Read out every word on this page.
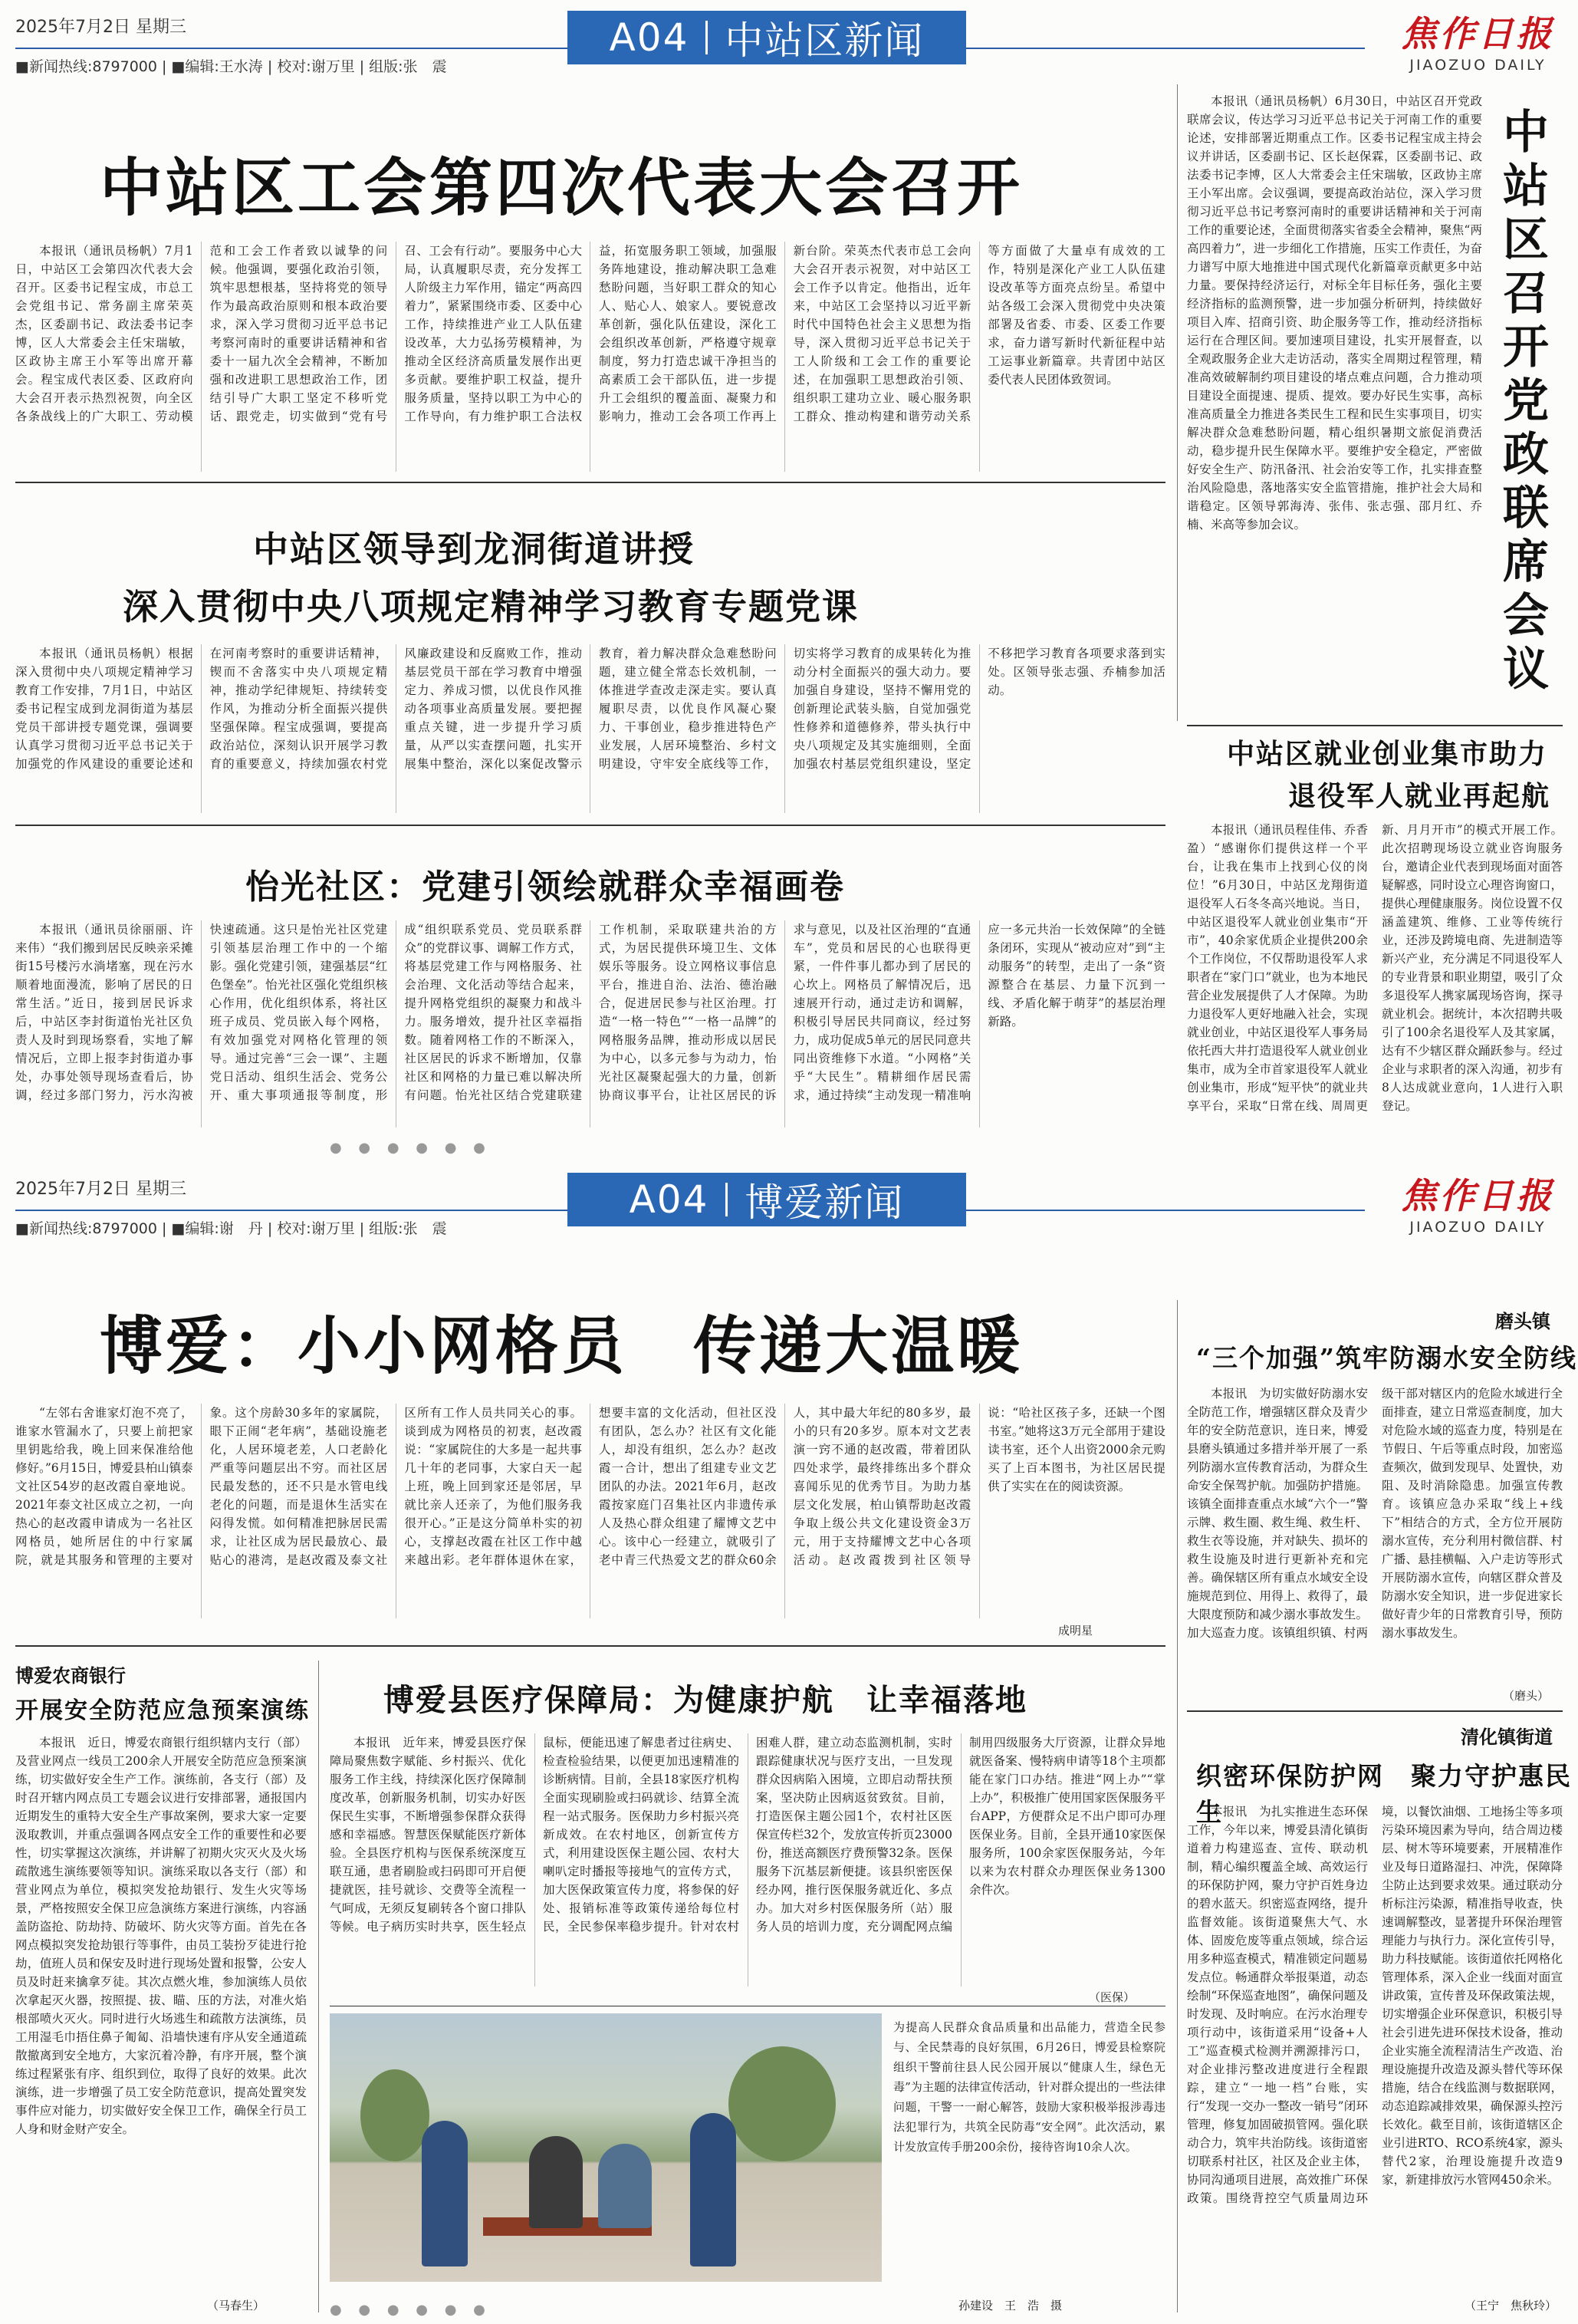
2025年7月2日 星期三
■新闻热线:8797000 | ■编辑:王水涛 | 校对:谢万里 | 组版:张　震
A04 中站区新闻	焦作日报
JIAOZUO DAILY
中站区工会第四次代表大会召开

本报讯（通讯员杨帆）7月1日，中站区工会第四次代表大会召开。区委书记程宝成，市总工会党组书记、常务副主席荣英杰，区委副书记、政法委书记李博，区人大常委会主任宋瑞敏，区政协主席王小军等出席开幕会。程宝成代表区委、区政府向大会召开表示热烈祝贺，向全区各条战线上的广大职工、劳动模范和工会工作者致以诚挚的问候。他强调，要强化政治引领，筑牢思想根基，坚持将党的领导作为最高政治原则和根本政治要求，深入学习贯彻习近平总书记考察河南时的重要讲话精神和省委十一届九次全会精神，不断加强和改进职工思想政治工作，团结引导广大职工坚定不移听党话、跟党走，切实做到“党有号召、工会有行动”。要服务中心大局，认真履职尽责，充分发挥工人阶级主力军作用，锚定“两高四着力”，紧紧围绕市委、区委中心工作，持续推进产业工人队伍建设改革，大力弘扬劳模精神，为推动全区经济高质量发展作出更多贡献。要维护职工权益，提升服务质量，坚持以职工为中心的工作导向，有力维护职工合法权益，拓宽服务职工领域，加强服务阵地建设，推动解决职工急难愁盼问题，当好职工群众的知心人、贴心人、娘家人。要锐意改革创新，强化队伍建设，深化工会组织改革创新，严格遵守规章制度，努力打造忠诚干净担当的高素质工会干部队伍，进一步提升工会组织的覆盖面、凝聚力和影响力，推动工会各项工作再上新台阶。荣英杰代表市总工会向大会召开表示祝贺，对中站区工会工作予以肯定。他指出，近年来，中站区工会坚持以习近平新时代中国特色社会主义思想为指导，深入贯彻习近平总书记关于工人阶级和工会工作的重要论述，在加强职工思想政治引领、组织职工建功立业、暖心服务职工群众、推动构建和谐劳动关系等方面做了大量卓有成效的工作，特别是深化产业工人队伍建设改革等方面亮点纷呈。希望中站各级工会深入贯彻党中央决策部署及省委、市委、区委工作要求，奋力谱写新时代新征程中站工运事业新篇章。共青团中站区委代表人民团体致贺词。

本报讯（通讯员杨帆）6月30日，中站区召开党政联席会议，传达学习习近平总书记关于河南工作的重要论述，安排部署近期重点工作。区委书记程宝成主持会议并讲话，区委副书记、区长赵保霖，区委副书记、政法委书记李博，区人大常委会主任宋瑞敏，区政协主席王小军出席。会议强调，要提高政治站位，深入学习贯彻习近平总书记考察河南时的重要讲话精神和关于河南工作的重要论述，全面贯彻落实省委全会精神，聚焦“两高四着力”，进一步细化工作措施，压实工作责任，为奋力谱写中原大地推进中国式现代化新篇章贡献更多中站力量。要保持经济运行，对标全年目标任务，强化主要经济指标的监测预警，进一步加强分析研判，持续做好项目入库、招商引资、助企服务等工作，推动经济指标运行在合理区间。要加速项目建设，扎实开展督查，以全观政服务企业大走访活动，落实全周期过程管理，精准高效破解制约项目建设的堵点难点问题，合力推动项目建设全面提速、提质、提效。要办好民生实事，高标准高质量全力推进各类民生工程和民生实事项目，切实解决群众急难愁盼问题，精心组织暑期文旅促消费活动，稳步提升民生保障水平。要维护安全稳定，严密做好安全生产、防汛备汛、社会治安等工作，扎实排查整治风险隐患，落地落实安全监管措施，推护社会大局和谐稳定。区领导郭海涛、张伟、张志强、邵月红、乔楠、米高等参加会议。	中站区召开党政联席会议
中站区领导到龙洞街道讲授
深入贯彻中央八项规定精神学习教育专题党课

本报讯（通讯员杨帆）根据深入贯彻中央八项规定精神学习教育工作安排，7月1日，中站区委书记程宝成到龙洞街道为基层党员干部讲授专题党课，强调要认真学习贯彻习近平总书记关于加强党的作风建设的重要论述和在河南考察时的重要讲话精神，锲而不舍落实中央八项规定精神，推动学纪律规矩、持续转变作风，为推动分析全面振兴提供坚强保障。程宝成强调，要提高政治站位，深刻认识开展学习教育的重要意义，持续加强农村党风廉政建设和反腐败工作，推动基层党员干部在学习教育中增强定力、养成习惯，以优良作风推动各项事业高质量发展。要把握重点关键，进一步提升学习质量，从严以实查摆问题，扎实开展集中整治，深化以案促改警示教育，着力解决群众急难愁盼问题，建立健全常态长效机制，一体推进学查改走深走实。要认真履职尽责，以优良作风凝心聚力、干事创业，稳步推进特色产业发展，人居环境整治、乡村文明建设，守牢安全底线等工作，切实将学习教育的成果转化为推动分村全面振兴的强大动力。要加强自身建设，坚持不懈用党的创新理论武装头脑，自觉加强党性修养和道德修养，带头执行中央八项规定及其实施细则，全面加强农村基层党组织建设，坚定不移把学习教育各项要求落到实处。区领导张志强、乔楠参加活动。

中站区就业创业集市助力
退役军人就业再起航

本报讯（通讯员程佳伟、乔香盈）“感谢你们提供这样一个平台，让我在集市上找到心仪的岗位！”6月30日，中站区龙翔街道退役军人石冬冬高兴地说。当日，中站区退役军人就业创业集市“开市”，40余家优质企业提供200余个工作岗位，不仅帮助退役军人求职者在“家门口”就业，也为本地民营企业发展提供了人才保障。为助力退役军人更好地融入社会，实现就业创业，中站区退役军人事务局依托西大井打造退役军人就业创业集市，成为全市首家退役军人就业创业集市，形成“短平快”的就业共享平台，采取“日常在线、周周更新、月月开市”的模式开展工作。此次招聘现场设立就业咨询服务台，邀请企业代表到现场面对面答疑解惑，同时设立心理咨询窗口，提供心理健康服务。岗位设置不仅涵盖建筑、维修、工业等传统行业，还涉及跨境电商、先进制造等新兴产业，充分满足不同退役军人的专业背景和职业期望，吸引了众多退役军人携家属现场咨询，探寻就业机会。据统计，本次招聘共吸引了100余名退役军人及其家属，达有不少辖区群众踊跃参与。经过企业与求职者的深入沟通，初步有8人达成就业意向，1人进行入职登记。

怡光社区：党建引领绘就群众幸福画卷

本报讯（通讯员徐丽丽、许来伟）“我们搬到居民反映亲采摊街15号楼污水淌堵塞，现在污水顺着地面漫流，影响了居民的日常生活。”近日，接到居民诉求后，中站区李封街道怡光社区负责人及时到现场察看，实地了解情况后，立即上报李封街道办事处，办事处领导现场查看后，协调，经过多部门努力，污水沟被快速疏通。这只是怡光社区党建引领基层治理工作中的一个缩影。强化党建引领，建强基层“红色堡垒”。怡光社区强化党组织核心作用，优化组织体系，将社区班子成员、党员嵌入每个网格，有效加强党对网格化管理的领导。通过完善“三会一课”、主题党日活动、组织生活会、党务公开、重大事项通报等制度，形成“组织联系党员、党员联系群众”的党群议事、调解工作方式，将基层党建工作与网格服务、社会治理、文化活动等结合起来，提升网格党组织的凝聚力和战斗力。服务增效，提升社区幸福指数。随着网格工作的不断深入，社区居民的诉求不断增加，仅靠社区和网格的力量已难以解决所有问题。怡光社区结合党建联建工作机制，采取联建共治的方式，为居民提供环境卫生、文体娱乐等服务。设立网格议事信息平台，推进自治、法治、德治融合，促进居民参与社区治理。打造“一格一特色”“一格一品牌”的网格服务品牌，推动形成以居民为中心，以多元参与为动力，怡光社区凝聚起强大的力量，创新协商议事平台，让社区居民的诉求与意见，以及社区治理的“直通车”，党员和居民的心也联得更紧，一件件事儿都办到了居民的心坎上。网格员了解情况后，迅速展开行动，通过走访和调解，积极引导居民共同商议，经过努力，成功促成5单元的居民同意共同出资维修下水道。“小网格”关乎“大民生”。精耕细作居民需求，通过持续“主动发现一精准响应一多元共治一长效保障”的全链条闭环，实现从“被动应对”到“主动服务”的转型，走出了一条“资源整合在基层、力量下沉到一线、矛盾化解于萌芽”的基层治理新路。

● ● ● ● ● ●
2025年7月2日 星期三
■新闻热线:8797000 | ■编辑:谢　丹 | 校对:谢万里 | 组版:张　震
A04 博爱新闻	焦作日报
JIAOZUO DAILY
博爱：小小网格员　传递大温暖

“左邻右舍谁家灯泡不亮了，谁家水管漏水了，只要上前把家里钥匙给我，晚上回来保准给他修好。”6月15日，博爱县柏山镇泰文社区54岁的赵改霞自豪地说。2021年泰文社区成立之初，一向热心的赵改霞申请成为一名社区网格员，她所居住的中行家属院，就是其服务和管理的主要对象。这个房龄30多年的家属院，眼下正闹“老年病”，基础设施老化，人居环境老差，人口老龄化严重等问题层出不穷。而社区居民最发愁的，还不只是水管电线老化的问题，而是退休生活实在闷得发慌。如何精准把脉居民需求，让社区成为居民最放心、最贴心的港湾，是赵改霞及泰文社区所有工作人员共同关心的事。谈到成为网格员的初衷，赵改霞说：“家属院住的大多是一起共事几十年的老同事，大家白天一起上班，晚上回到家还是邻居，早就比亲人还亲了，为他们服务我很开心。”正是这分简单朴实的初心，支撑赵改霞在社区工作中越来越出彩。老年群体退休在家，想要丰富的文化活动，但社区没有团队，怎么办？社区有文化能人，却没有组织，怎么办？赵改霞一合计，想出了组建专业文艺团队的办法。2021年6月，赵改霞按家庭门召集社区内非遗传承人及热心群众组建了耀博文艺中心。该中心一经建立，就吸引了老中青三代热爱文艺的群众60余人，其中最大年纪的80多岁，最小的只有20多岁。原本对文艺表演一窍不通的赵改霞，带着团队四处求学，最终排练出多个群众喜闻乐见的优秀节目。为助力基层文化发展，柏山镇帮助赵改霞争取上级公共文化建设资金3万元，用于支持耀博文艺中心各项活动。赵改霞拨到社区领导说：“哈社区孩子多，还缺一个图书室。”她将这3万元全部用于建设读书室，还个人出资2000余元购买了上百本图书，为社区居民提供了实实在在的阅读资源。

成明星
磨头镇
“三个加强”筑牢防溺水安全防线

本报讯　为切实做好防溺水安全防范工作，增强辖区群众及青少年的安全防范意识，连日来，博爱县磨头镇通过多措并举开展了一系列防溺水宣传教育活动，为群众生命安全保驾护航。加强防护措施。该镇全面排查重点水域“六个一”警示牌、救生圈、救生绳、救生杆、救生衣等设施，并对缺失、损坏的救生设施及时进行更新补充和完善。确保辖区所有重点水域安全设施规范到位、用得上、救得了，最大限度预防和减少溺水事故发生。加大巡查力度。该镇组织镇、村两级干部对辖区内的危险水域进行全面排查，建立日常巡查制度，加大对危险水域的巡查力度，特别是在节假日、午后等重点时段，加密巡查频次，做到发现早、处置快，劝阻、及时消除隐患。加强宣传教育。该镇应急办采取“线上+线下”相结合的方式，全方位开展防溺水宣传，充分利用村微信群、村广播、悬挂横幅、入户走访等形式开展防溺水宣传，向辖区群众普及防溺水安全知识，进一步促进家长做好青少年的日常教育引导，预防溺水事故发生。

（磨头）
清化镇街道
织密环保防护网　聚力守护惠民生

本报讯　为扎实推进生态环保工作，今年以来，博爱县清化镇街道着力构建巡查、宣传、联动机制，精心编织覆盖全域、高效运行的环保防护网，聚力守护百姓身边的碧水蓝天。织密巡查网络，提升监督效能。该街道聚焦大气、水体、固废危废等重点领域，综合运用多种巡查模式，精准锁定问题易发点位。畅通群众举报渠道，动态绘制“环保巡查地图”，确保问题及时发现、及时响应。在污水治理专项行动中，该街道采用“设备+人工”巡查模式检测并溯源排污口，对企业排污整改进度进行全程跟踪，建立“一地一档”台账，实行“发现一交办一整改一销号”闭环管理，修复加固破损管网。强化联动合力，筑牢共治防线。该街道密切联系村社区，社区及企业主体，协同沟通项目进展，高效推广环保政策。围绕背控空气质量周边环境，以餐饮油烟、工地扬尘等多项污染环境因素为导向，结合周边楼层、树木等环境要素，开展精准作业及每日道路湿扫、冲洗，保障降尘防止达到要求效果。通过联动分析标注污染源，精准指导收查，快速调解整改，显著提升环保治理管理能力与执行力。深化宣传引导，助力科技赋能。该街道依托网格化管理体系，深入企业一线面对面宣讲政策，宣传普及环保政策法规，切实增强企业环保意识，积极引导社会引进先进环保技术设备，推动企业实施全流程清洁生产改造、治理设施提升改造及源头替代等环保措施，结合在线监测与数据联网，动态追踪减排效果，确保源头控污长效化。截至目前，该街道辖区企业引进RTO、RCO系统4家，源头替代2家，治理设施提升改造9家，新建排放污水管网450余米。

（王宁　焦秋玲）
博爱农商银行
开展安全防范应急预案演练

本报讯　近日，博爱农商银行组织辖内支行（部）及营业网点一线员工200余人开展安全防范应急预案演练，切实做好安全生产工作。演练前，各支行（部）及时召开辖内网点员工专题会议进行安排部署，通报国内近期发生的重特大安全生产事故案例，要求大家一定要汲取教训，并重点强调各网点安全工作的重要性和必要性，切实掌握这次演练，并讲解了初期火灾灭火及火场疏散逃生演练要领等知识。演练采取以各支行（部）和营业网点为单位，模拟突发抢劫银行、发生火灾等场景，严格按照安全保卫应急演练方案进行演练，内容涵盖防盗抢、防劫持、防破坏、防火灾等方面。首先在各网点模拟突发抢劫银行等事件，由员工装扮歹徒进行抢劫，值班人员和保安及时进行现场处置和报警，公安人员及时赶来擒拿歹徒。其次点燃火堆，参加演练人员依次拿起灭火器，按照提、拔、瞄、压的方法，对准火焰根部喷火灭火。同时进行火场逃生和疏散方法演练，员工用湿毛巾捂住鼻子匍匐、沿墙快速有序从安全通道疏散撤离到安全地方，大家沉着冷静，有序开展，整个演练过程紧张有序、组织到位，取得了良好的效果。此次演练，进一步增强了员工安全防范意识，提高处置突发事件应对能力，切实做好安全保卫工作，确保全行员工人身和财金财产安全。

（马春生）
博爱县医疗保障局：为健康护航　让幸福落地

本报讯　近年来，博爱县医疗保障局聚焦数字赋能、乡村振兴、优化服务工作主线，持续深化医疗保障制度改革，创新服务机制，切实办好医保民生实事，不断增强参保群众获得感和幸福感。智慧医保赋能医疗新体验。全县医疗机构与医保系统深度互联互通，患者刷脸或扫码即可开启便捷就医，挂号就诊、交费等全流程一气呵成，无须反复刷转各个窗口排队等候。电子病历实时共享，医生轻点鼠标，便能迅速了解患者过往病史、检查检验结果，以便更加迅速精准的诊断病情。目前，全县18家医疗机构全面实现刷脸或扫码就诊、结算全流程一站式服务。医保助力乡村振兴亮新成效。在农村地区，创新宣传方式，利用建设医保主题公园、农村大喇叭定时播报等接地气的宣传方式，加大医保政策宣传力度，将参保的好处、报销标准等政策传递给每位村民，全民参保率稳步提升。针对农村困难人群，建立动态监测机制，实时跟踪健康状况与医疗支出，一旦发现群众因病陷入困境，立即启动帮扶预案，坚决防止因病返贫致贫。目前，打造医保主题公园1个，农村社区医保宣传栏32个，发放宣传折页23000份，推送高额医疗费预警32条。医保服务下沉基层新便捷。该县织密医保经办网，推行医保服务就近化、多点办。加大对乡村医保服务所（站）服务人员的培训力度，充分调配网点编制用四级服务大厅资源，让群众异地就医备案、慢特病申请等18个主项都能在家门口办结。推进“网上办”“掌上办”，积极推广使用国家医保服务平台APP，方便群众足不出户即可办理医保业务。目前，全县开通10家医保服务所，100余家医保服务站，今年以来为农村群众办理医保业务1300余件次。

（医保）
为提高人民群众食品质量和出品能力，营造全民参与、全民禁毒的良好氛围，6月26日，博爱县检察院组织干警前往县人民公园开展以“健康人生，绿色无毒”为主题的法律宣传活动，针对群众提出的一些法律问题，干警一一耐心解答，鼓励大家积极举报涉毒违法犯罪行为，共筑全民防毒“安全网”。此次活动，累计发放宣传手册200余份，接待咨询10余人次。
孙建设　王　浩　摄
● ● ● ● ● ●
